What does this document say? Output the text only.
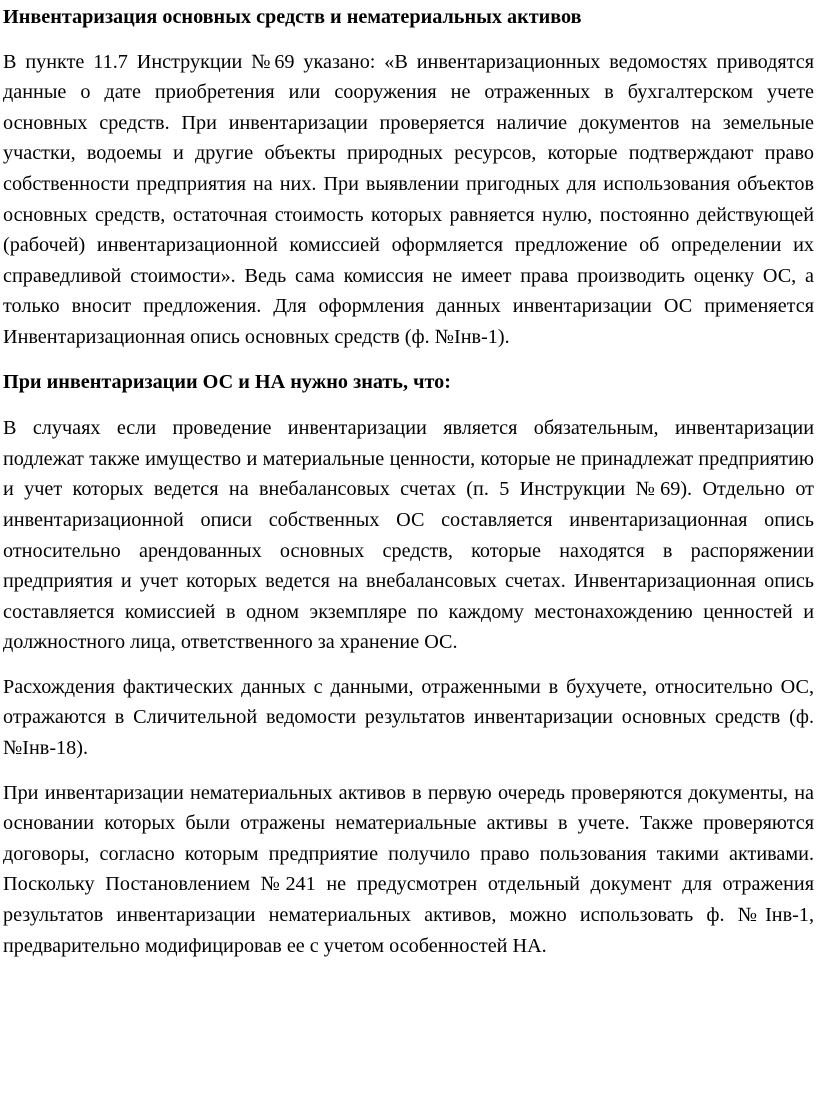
Инвентаризация основных средств и нематериальных активов
В пункте 11.7 Инструкции №69 указано: «В инвентаризационных ведомостях приводятся данные о дате приобретения или сооружения не отраженных в бухгалтерском учете основных средств. При инвентаризации проверяется наличие документов на земельные участки, водоемы и другие объекты природных ресурсов, которые подтверждают право собственности предприятия на них. При выявлении пригодных для использования объектов основных средств, остаточная стоимость которых равняется нулю, постоянно действующей (рабочей) инвентаризационной комиссией оформляется предложение об определении их справедливой стоимости». Ведь сама комиссия не имеет права производить оценку ОС, а только вносит предложения. Для оформления данных инвентаризации ОС применяется Инвентаризационная опись основных средств (ф. №Інв-1).
При инвентаризации ОС и НА нужно знать, что:
В случаях если проведение инвентаризации является обязательным, инвентаризации подлежат также имущество и материальные ценности, которые не принадлежат предприятию и учет которых ведется на внебалансовых счетах (п. 5 Инструкции №69). Отдельно от инвентаризационной описи собственных ОС составляется инвентаризационная опись относительно арендованных основных средств, которые находятся в распоряжении предприятия и учет которых ведется на внебалансовых счетах. Инвентаризационная опись составляется комиссией в одном экземпляре по каждому местонахождению ценностей и должностного лица, ответственного за хранение ОС.
Расхождения фактических данных с данными, отраженными в бухучете, относительно ОС, отражаются в Сличительной ведомости результатов инвентаризации основных средств (ф. №Інв-18).
При инвентаризации нематериальных активов в первую очередь проверяются документы, на основании которых были отражены нематериальные активы в учете. Также проверяются договоры, согласно которым предприятие получило право пользования такими активами. Поскольку Постановлением №241 не предусмотрен отдельный документ для отражения результатов инвентаризации нематериальных активов, можно использовать ф. №Інв-1, предварительно модифицировав ее с учетом особенностей НА.
